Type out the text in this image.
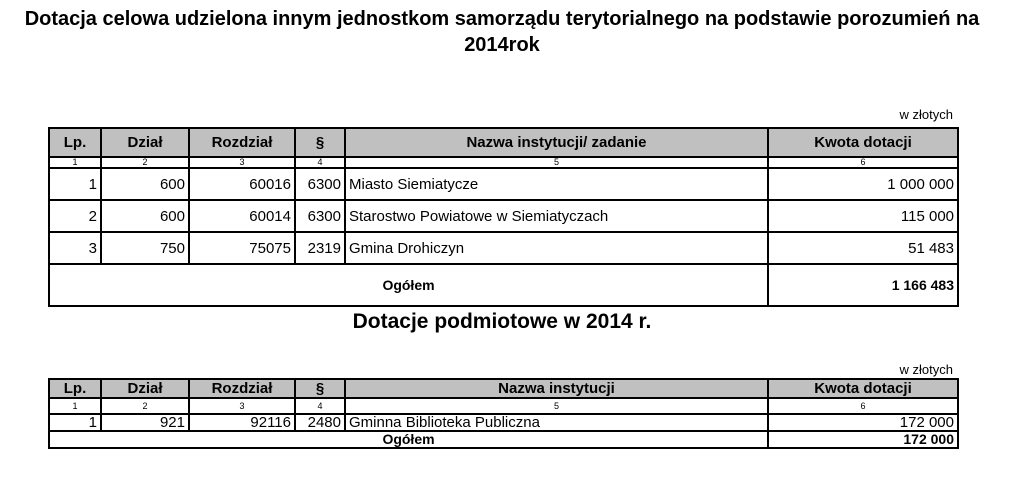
Dotacja celowa udzielona innym jednostkom samorządu terytorialnego na podstawie porozumień na 2014rok
w złotych
Lp.	Dział	Rozdział	§	Nazwa instytucji/ zadanie	Kwota dotacji
1	2	3	4	5	6
1	600	60016	6300	Miasto Siemiatycze	1 000 000
2	600	60014	6300	Starostwo Powiatowe w Siemiatyczach	115 000
3	750	75075	2319	Gmina Drohiczyn	51 483
Ogółem					1 166 483
Dotacje podmiotowe w 2014 r.
w złotych
Lp.	Dział	Rozdział	§	Nazwa instytucji	Kwota dotacji
1	2	3	4	5	6
1	921	92116	2480	Gminna Biblioteka Publiczna	172 000
Ogółem					172 000
